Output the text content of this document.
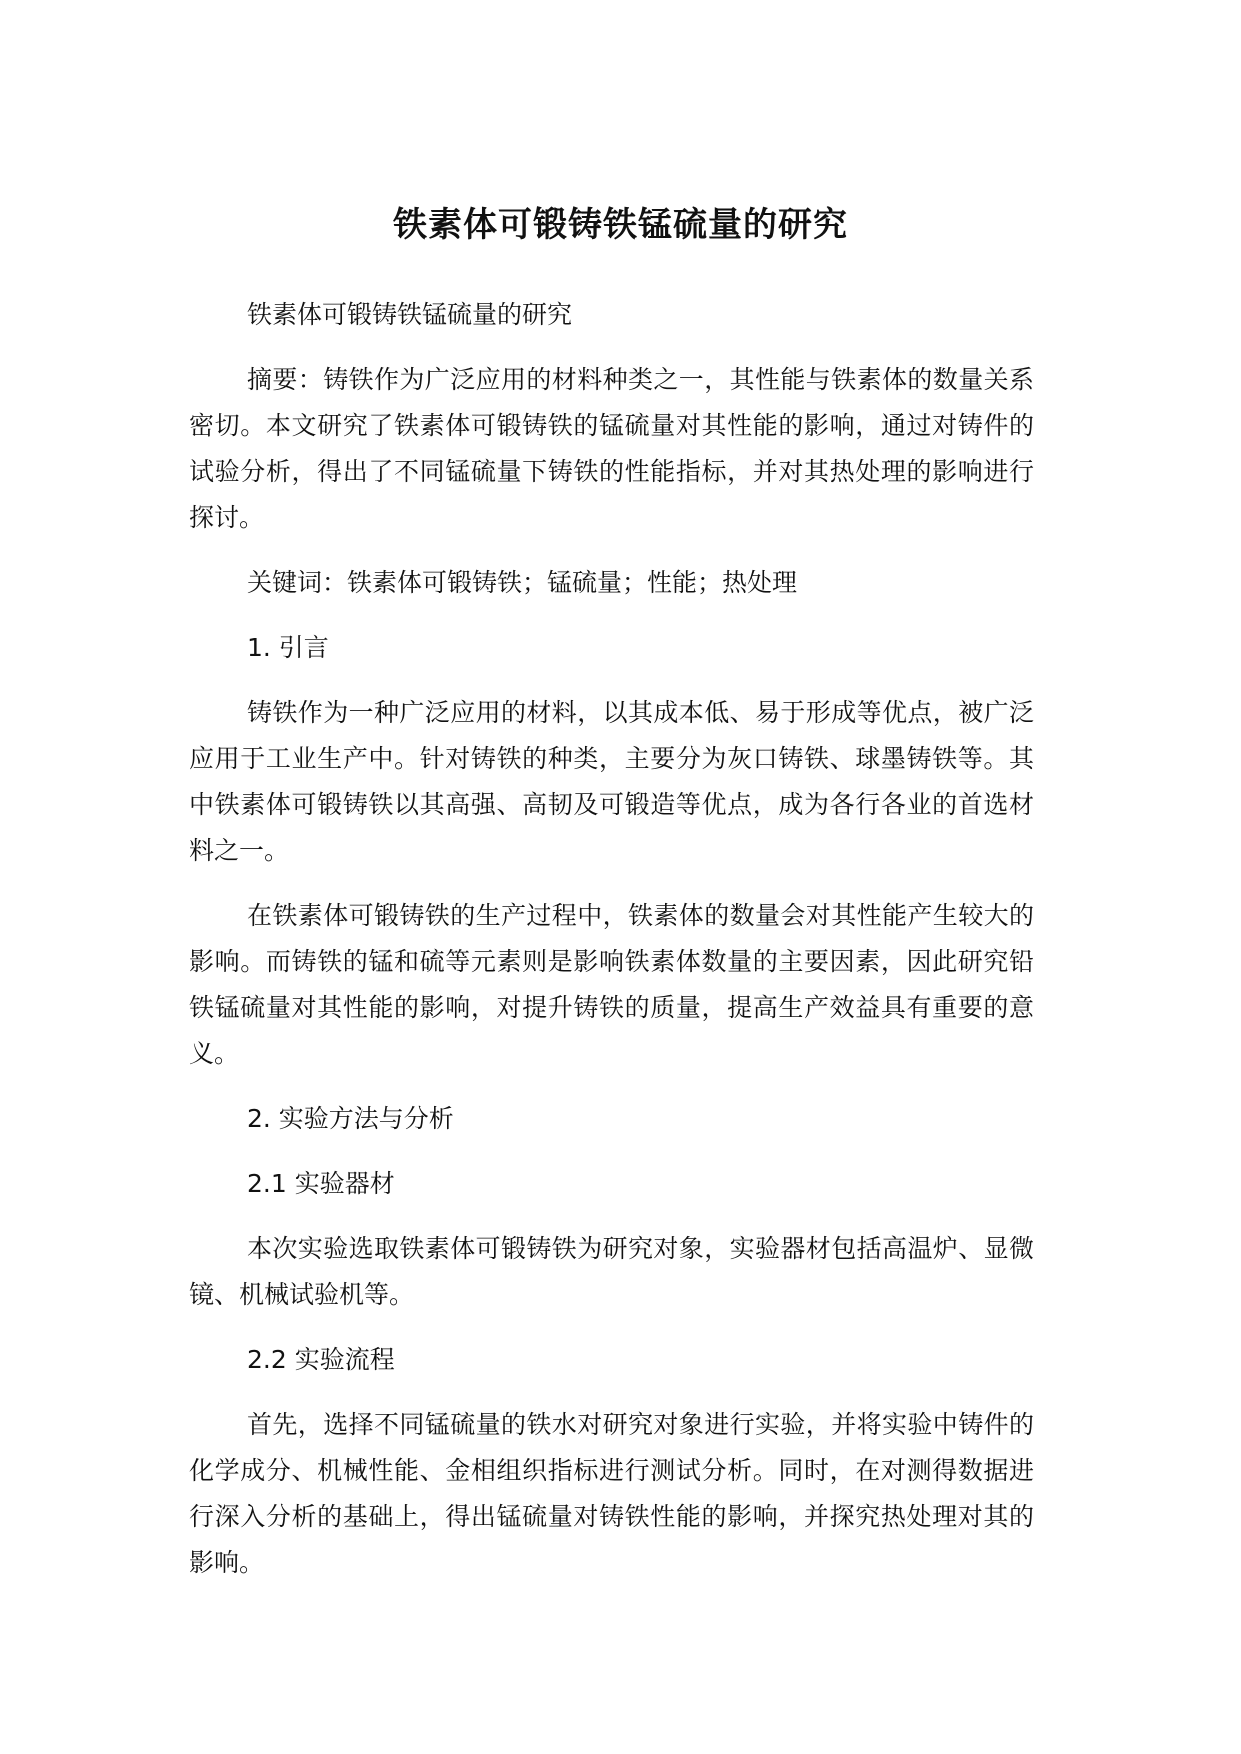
铁素体可锻铸铁锰硫量的研究

铁素体可锻铸铁锰硫量的研究

摘要：铸铁作为广泛应用的材料种类之一，其性能与铁素体的数量关系密切。本文研究了铁素体可锻铸铁的锰硫量对其性能的影响，通过对铸件的试验分析，得出了不同锰硫量下铸铁的性能指标，并对其热处理的影响进行探讨。

关键词：铁素体可锻铸铁；锰硫量；性能；热处理

1. 引言

铸铁作为一种广泛应用的材料，以其成本低、易于形成等优点，被广泛应用于工业生产中。针对铸铁的种类，主要分为灰口铸铁、球墨铸铁等。其中铁素体可锻铸铁以其高强、高韧及可锻造等优点，成为各行各业的首选材料之一。

在铁素体可锻铸铁的生产过程中，铁素体的数量会对其性能产生较大的影响。而铸铁的锰和硫等元素则是影响铁素体数量的主要因素，因此研究铅铁锰硫量对其性能的影响，对提升铸铁的质量，提高生产效益具有重要的意义。

2. 实验方法与分析

2.1 实验器材

本次实验选取铁素体可锻铸铁为研究对象，实验器材包括高温炉、显微镜、机械试验机等。

2.2 实验流程

首先，选择不同锰硫量的铁水对研究对象进行实验，并将实验中铸件的化学成分、机械性能、金相组织指标进行测试分析。同时，在对测得数据进行深入分析的基础上，得出锰硫量对铸铁性能的影响，并探究热处理对其的影响。
